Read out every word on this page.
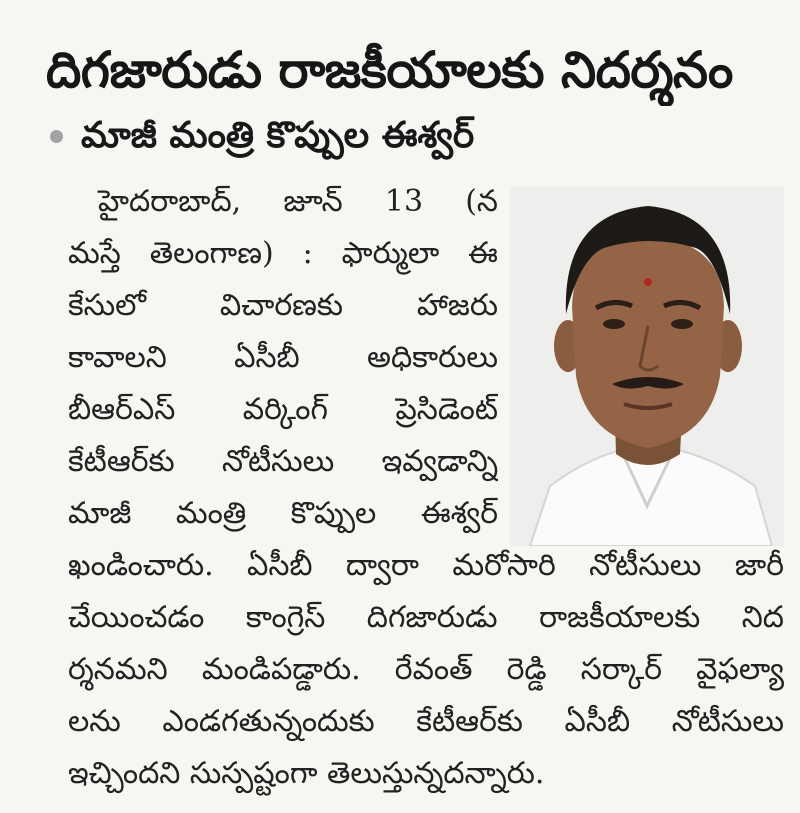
దిగజారుడు రాజకీయాలకు నిదర్శనం
మాజీ మంత్రి కొప్పుల ఈశ్వర్
హైదరాబాద్, జూన్ 13 (న
మస్తే తెలంగాణ) : ఫార్ములా ఈ
కేసులో విచారణకు హాజరు
కావాలని ఏసీబీ అధికారులు
బీఆర్ఎస్ వర్కింగ్ ప్రెసిడెంట్
కేటీఆర్‌కు నోటీసులు ఇవ్వడాన్ని
మాజీ మంత్రి కొప్పుల ఈశ్వర్
ఖండించారు. ఏసీబీ ద్వారా మరోసారి నోటీసులు జారీ
చేయించడం కాంగ్రెస్ దిగజారుడు రాజకీయాలకు నిద
ర్శనమని మండిపడ్డారు. రేవంత్ రెడ్డి సర్కార్ వైఫల్యా
లను ఎండగతున్నందుకు కేటీఆర్‌కు ఏసీబీ నోటీసులు
ఇచ్చిందని సుస్పష్టంగా తెలుస్తున్నదన్నారు.
